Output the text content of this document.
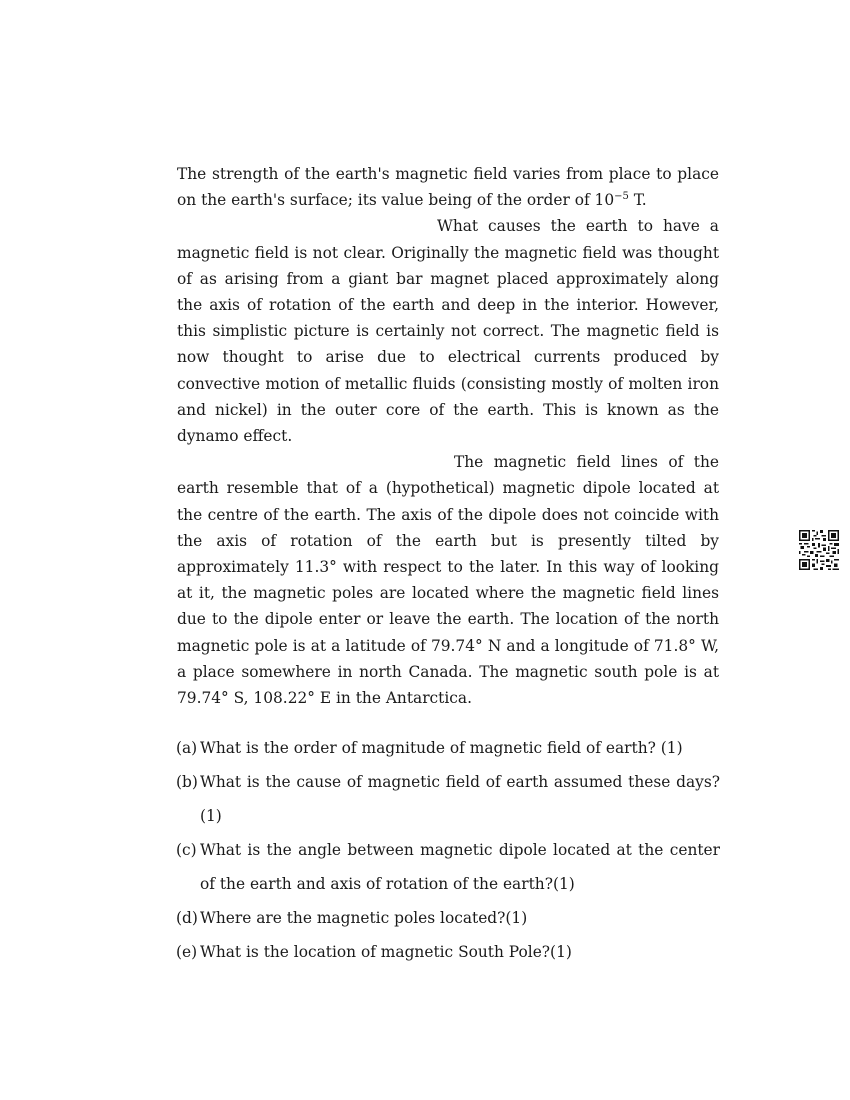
The strength of the earth's magnetic field varies from place to place on the earth's surface; its value being of the order of $10^{-5}$ T.

What causes the earth to have a magnetic field is not clear. Originally the magnetic field was thought of as arising from a giant bar magnet placed approximately along the axis of rotation of the earth and deep in the interior. However, this simplistic picture is certainly not correct. The magnetic field is now thought to arise due to electrical currents produced by convective motion of metallic fluids (consisting mostly of molten iron and nickel) in the outer core of the earth. This is known as the dynamo effect.

The magnetic field lines of the earth resemble that of a (hypothetical) magnetic dipole located at the centre of the earth. The axis of the dipole does not coincide with the axis of rotation of the earth but is presently tilted by approximately 11.3° with respect to the later. In this way of looking at it, the magnetic poles are located where the magnetic field lines due to the dipole enter or leave the earth. The location of the north magnetic pole is at a latitude of 79.74° N and a longitude of 71.8° W, a place somewhere in north Canada. The magnetic south pole is at 79.74° S, 108.22° E in the Antarctica.

(a) What is the order of magnitude of magnetic field of earth? (1)
(b) What is the cause of magnetic field of earth assumed these days?(1)
(c) What is the angle between magnetic dipole located at the center of the earth and axis of rotation of the earth?(1)
(d) Where are the magnetic poles located?(1)
(e) What is the location of magnetic South Pole?(1)
